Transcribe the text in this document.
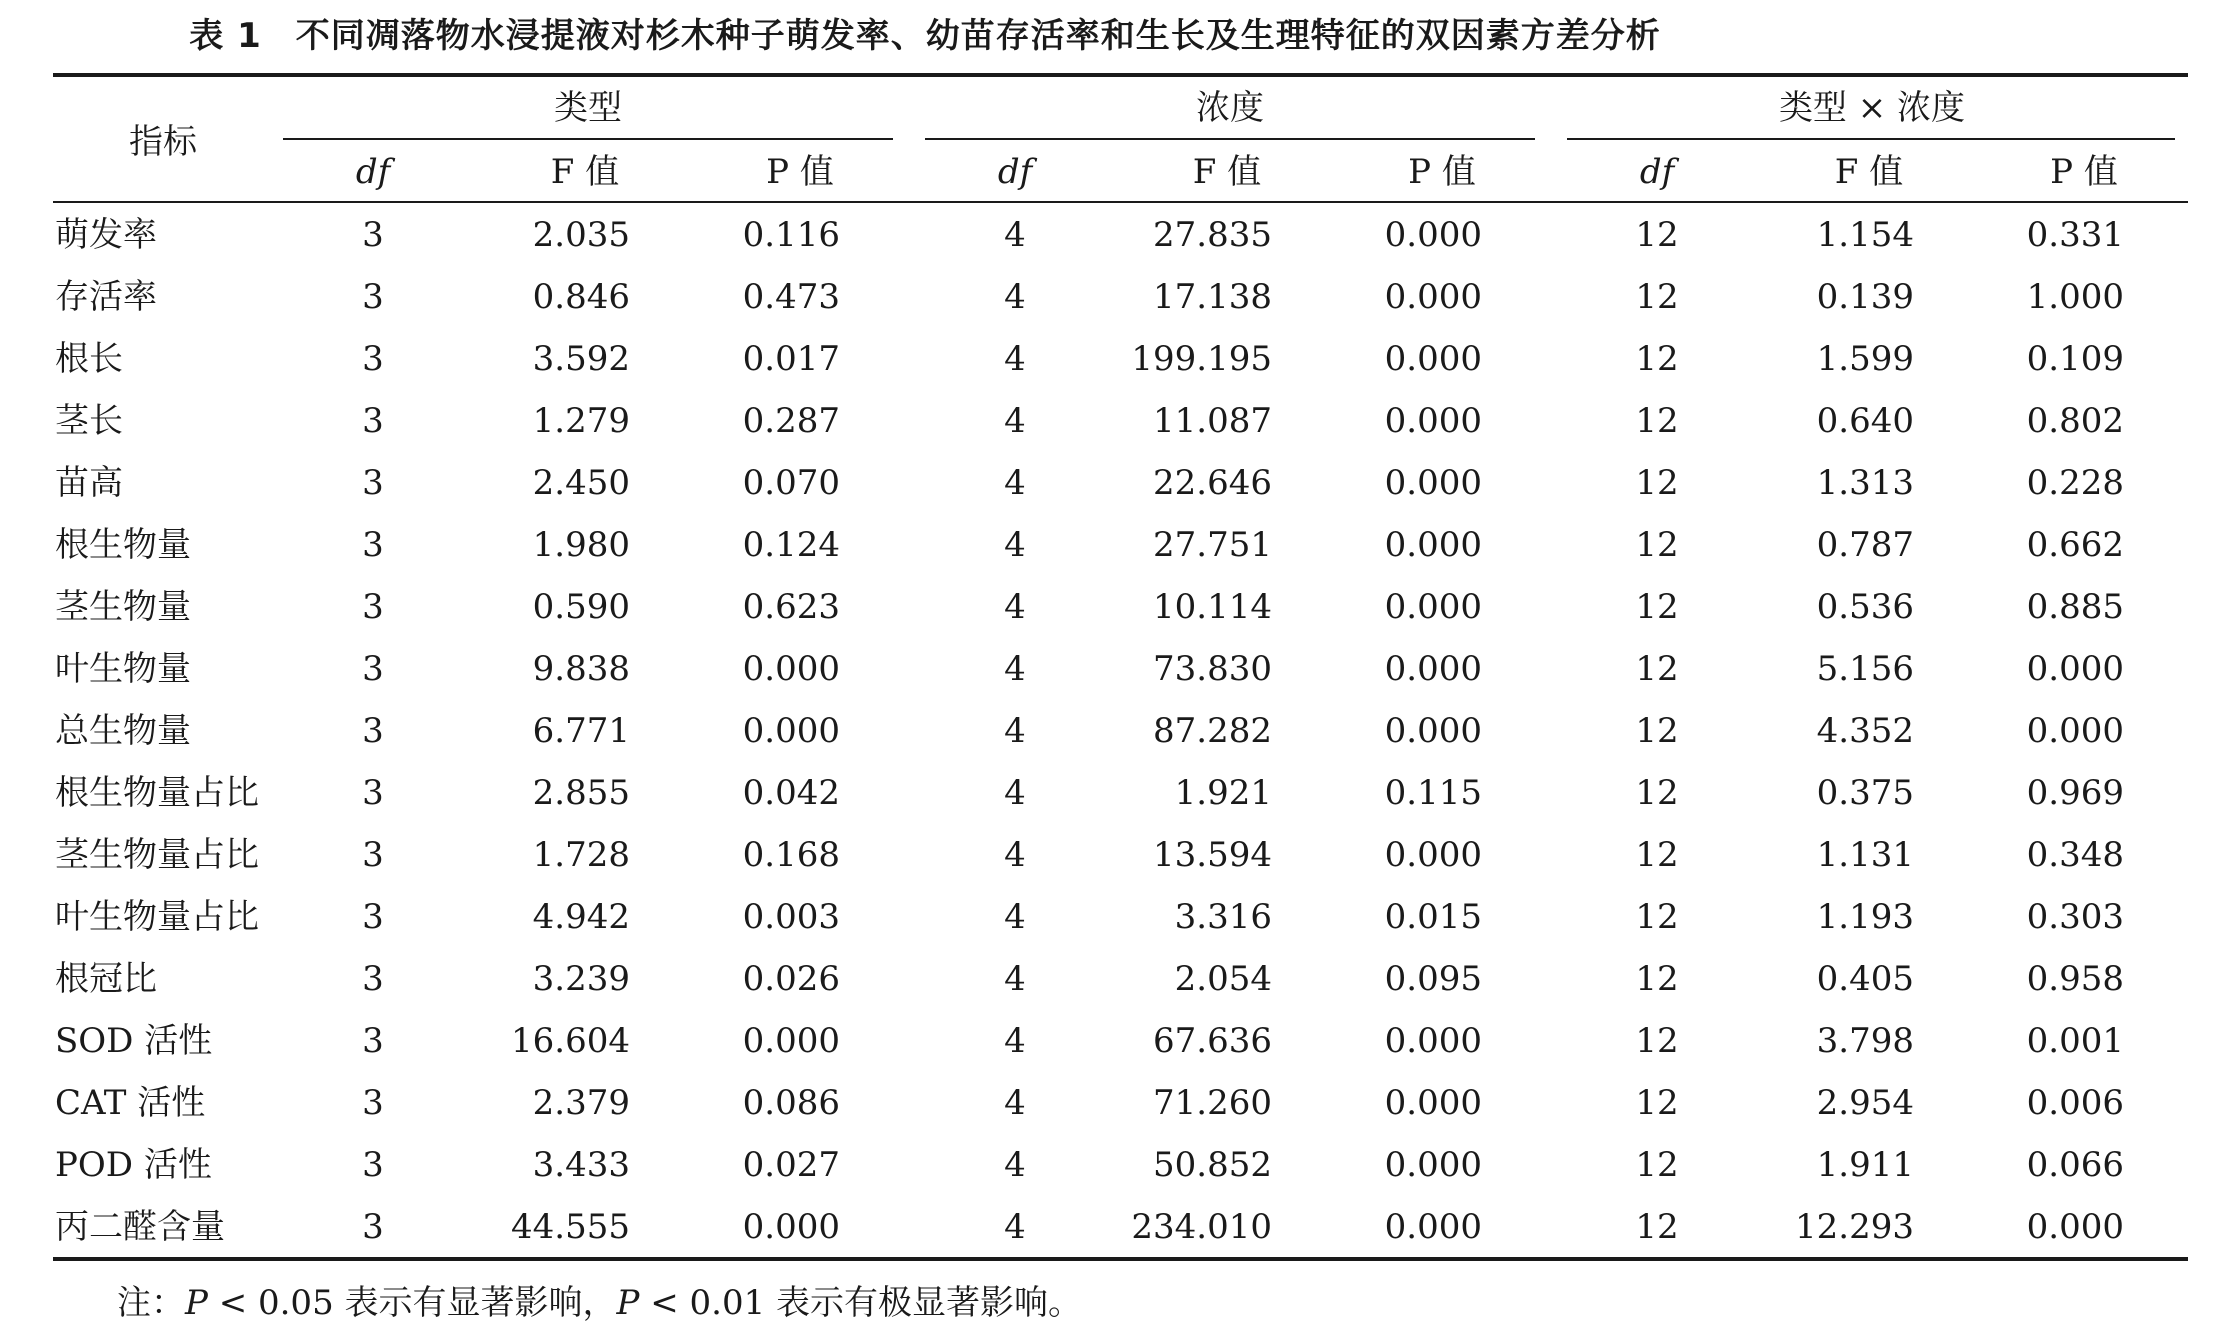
表 1 不同凋落物水浸提液对杉木种子萌发率、幼苗存活率和生长及生理特征的双因素方差分析
指标
类型	浓度	类型 × 浓度
df	F 值	P 值	df	F 值	P 值	df	F 值	P 值
萌发率	3	2.035	0.116	4	27.835	0.000	12	1.154	0.331
存活率	3	0.846	0.473	4	17.138	0.000	12	0.139	1.000
根长	3	3.592	0.017	4	199.195	0.000	12	1.599	0.109
茎长	3	1.279	0.287	4	11.087	0.000	12	0.640	0.802
苗高	3	2.450	0.070	4	22.646	0.000	12	1.313	0.228
根生物量	3	1.980	0.124	4	27.751	0.000	12	0.787	0.662
茎生物量	3	0.590	0.623	4	10.114	0.000	12	0.536	0.885
叶生物量	3	9.838	0.000	4	73.830	0.000	12	5.156	0.000
总生物量	3	6.771	0.000	4	87.282	0.000	12	4.352	0.000
根生物量占比	3	2.855	0.042	4	1.921	0.115	12	0.375	0.969
茎生物量占比	3	1.728	0.168	4	13.594	0.000	12	1.131	0.348
叶生物量占比	3	4.942	0.003	4	3.316	0.015	12	1.193	0.303
根冠比	3	3.239	0.026	4	2.054	0.095	12	0.405	0.958
SOD 活性	3	16.604	0.000	4	67.636	0.000	12	3.798	0.001
CAT 活性	3	2.379	0.086	4	71.260	0.000	12	2.954	0.006
POD 活性	3	3.433	0.027	4	50.852	0.000	12	1.911	0.066
丙二醛含量	3	44.555	0.000	4	234.010	0.000	12	12.293	0.000
注：P < 0.05 表示有显著影响，P < 0.01 表示有极显著影响。
